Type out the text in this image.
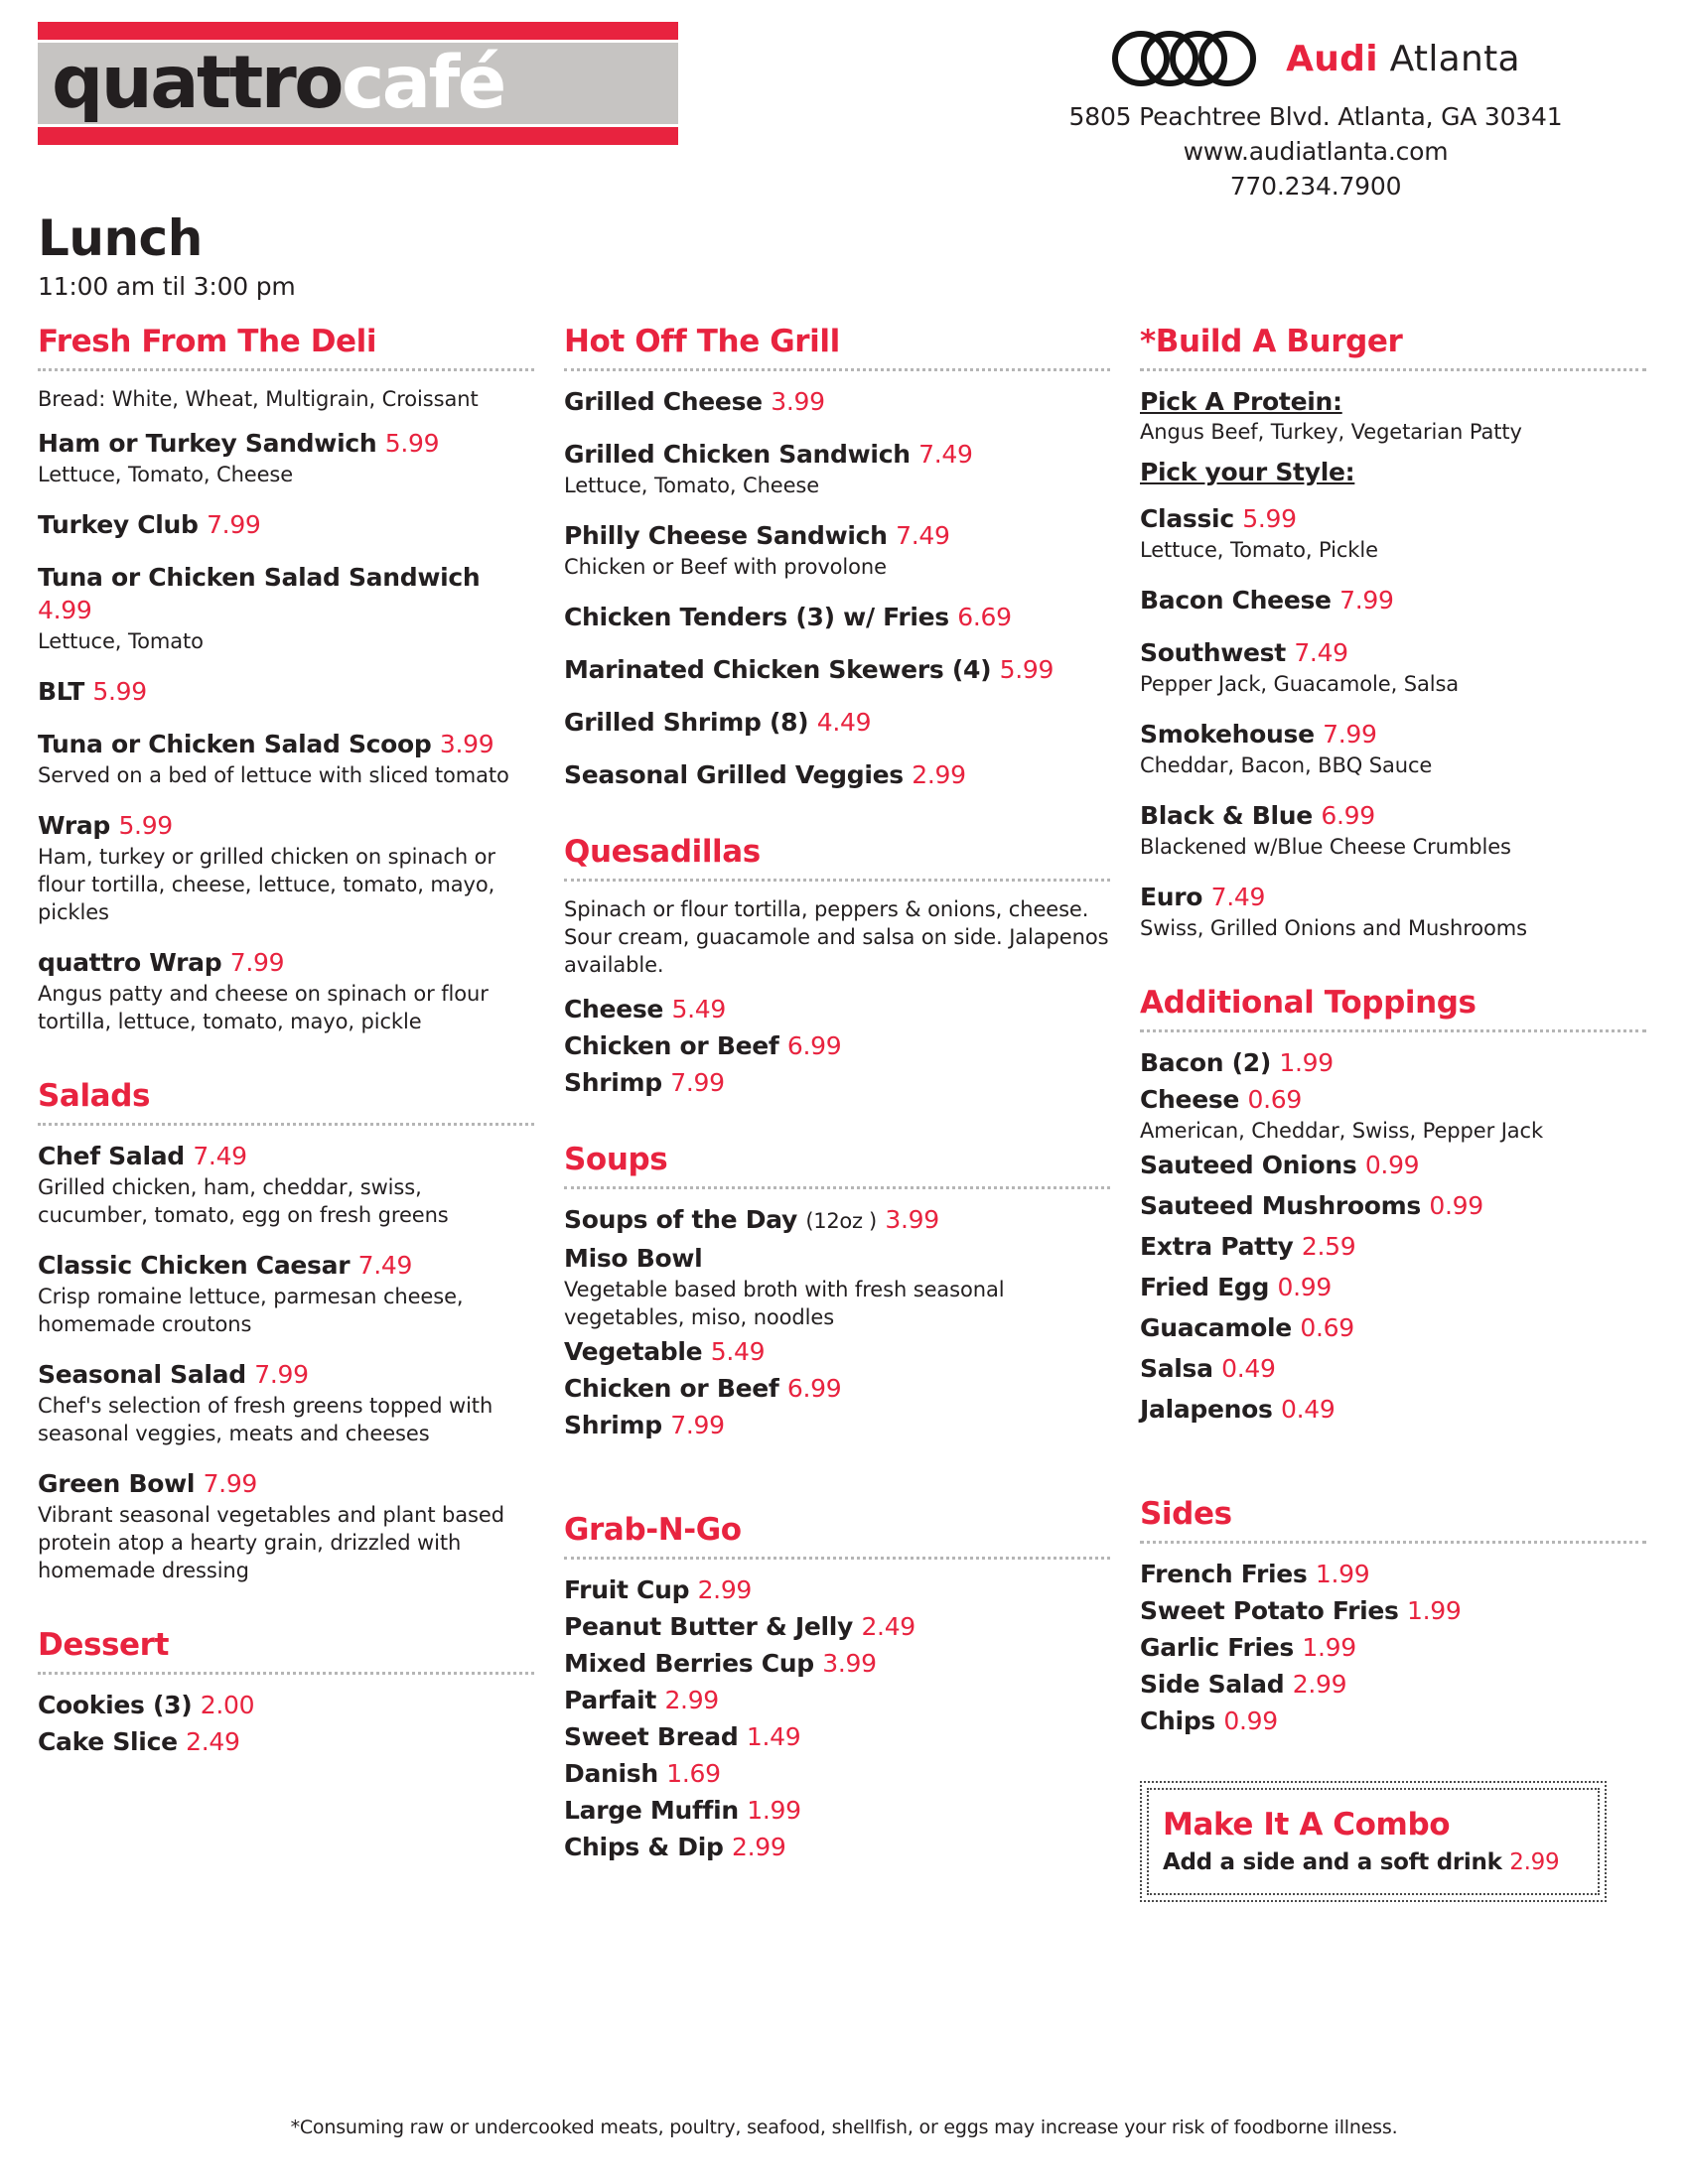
quattro café	Audi Atlanta
5805 Peachtree Blvd. Atlanta, GA 30341
www.audiatlanta.com
770.234.7900
Lunch
11:00 am til 3:00 pm
Fresh From The Deli
Bread: White, Wheat, Multigrain, Croissant
Ham or Turkey Sandwich 5.99
Lettuce, Tomato, Cheese
Turkey Club 7.99
Tuna or Chicken Salad Sandwich 4.99
Lettuce, Tomato
BLT 5.99
Tuna or Chicken Salad Scoop 3.99
Served on a bed of lettuce with sliced tomato
Wrap 5.99
Ham, turkey or grilled chicken on spinach or flour tortilla, cheese, lettuce, tomato, mayo, pickles
quattro Wrap 7.99
Angus patty and cheese on spinach or flour tortilla, lettuce, tomato, mayo, pickle
Salads
Chef Salad 7.49
Grilled chicken, ham, cheddar, swiss, cucumber, tomato, egg on fresh greens
Classic Chicken Caesar 7.49
Crisp romaine lettuce, parmesan cheese, homemade croutons
Seasonal Salad 7.99
Chef's selection of fresh greens topped with seasonal veggies, meats and cheeses
Green Bowl 7.99
Vibrant seasonal vegetables and plant based protein atop a hearty grain, drizzled with homemade dressing
Dessert
Cookies (3) 2.00
Cake Slice 2.49
Hot Off The Grill
Grilled Cheese 3.99
Grilled Chicken Sandwich 7.49
Lettuce, Tomato, Cheese
Philly Cheese Sandwich 7.49
Chicken or Beef with provolone
Chicken Tenders (3) w/ Fries 6.69
Marinated Chicken Skewers (4) 5.99
Grilled Shrimp (8) 4.49
Seasonal Grilled Veggies 2.99
Quesadillas
Spinach or flour tortilla, peppers & onions, cheese. Sour cream, guacamole and salsa on side. Jalapenos available.
Cheese 5.49
Chicken or Beef 6.99
Shrimp 7.99
Soups
Soups of the Day (12oz ) 3.99
Miso Bowl
Vegetable based broth with fresh seasonal vegetables, miso, noodles
Vegetable 5.49
Chicken or Beef 6.99
Shrimp 7.99
Grab-N-Go
Fruit Cup 2.99
Peanut Butter & Jelly 2.49
Mixed Berries Cup 3.99
Parfait 2.99
Sweet Bread 1.49
Danish 1.69
Large Muffin 1.99
Chips & Dip 2.99
*Build A Burger
Pick A Protein:
Angus Beef, Turkey, Vegetarian Patty
Pick your Style:
Classic 5.99
Lettuce, Tomato, Pickle
Bacon Cheese 7.99
Southwest 7.49
Pepper Jack, Guacamole, Salsa
Smokehouse 7.99
Cheddar, Bacon, BBQ Sauce
Black & Blue 6.99
Blackened w/Blue Cheese Crumbles
Euro 7.49
Swiss, Grilled Onions and Mushrooms
Additional Toppings
Bacon (2) 1.99
Cheese 0.69
American, Cheddar, Swiss, Pepper Jack
Sauteed Onions 0.99
Sauteed Mushrooms 0.99
Extra Patty 2.59
Fried Egg 0.99
Guacamole 0.69
Salsa 0.49
Jalapenos 0.49
Sides
French Fries 1.99
Sweet Potato Fries 1.99
Garlic Fries 1.99
Side Salad 2.99
Chips 0.99
Make It A Combo
Add a side and a soft drink 2.99
*Consuming raw or undercooked meats, poultry, seafood, shellfish, or eggs may increase your risk of foodborne illness.
